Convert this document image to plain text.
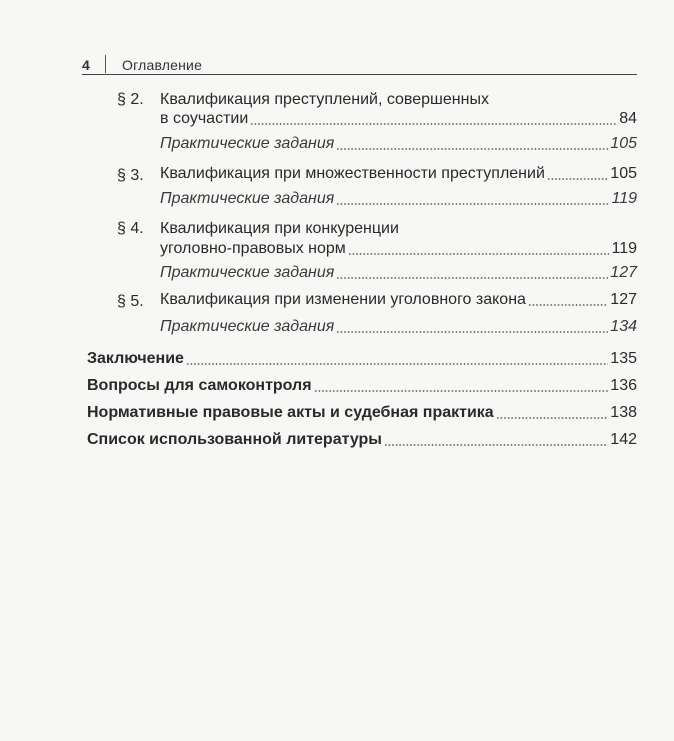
4 Оглавление
§ 2. Квалификация преступлений, совершенных
в соучастии	84
Практические задания	105
§ 3. Квалификация при множественности преступлений	105
Практические задания	119
§ 4. Квалификация при конкуренции
уголовно-правовых норм	119
Практические задания	127
§ 5. Квалификация при изменении уголовного закона	127
Практические задания	134
Заключение	135
Вопросы для самоконтроля	136
Нормативные правовые акты и судебная практика	138
Список использованной литературы	142
